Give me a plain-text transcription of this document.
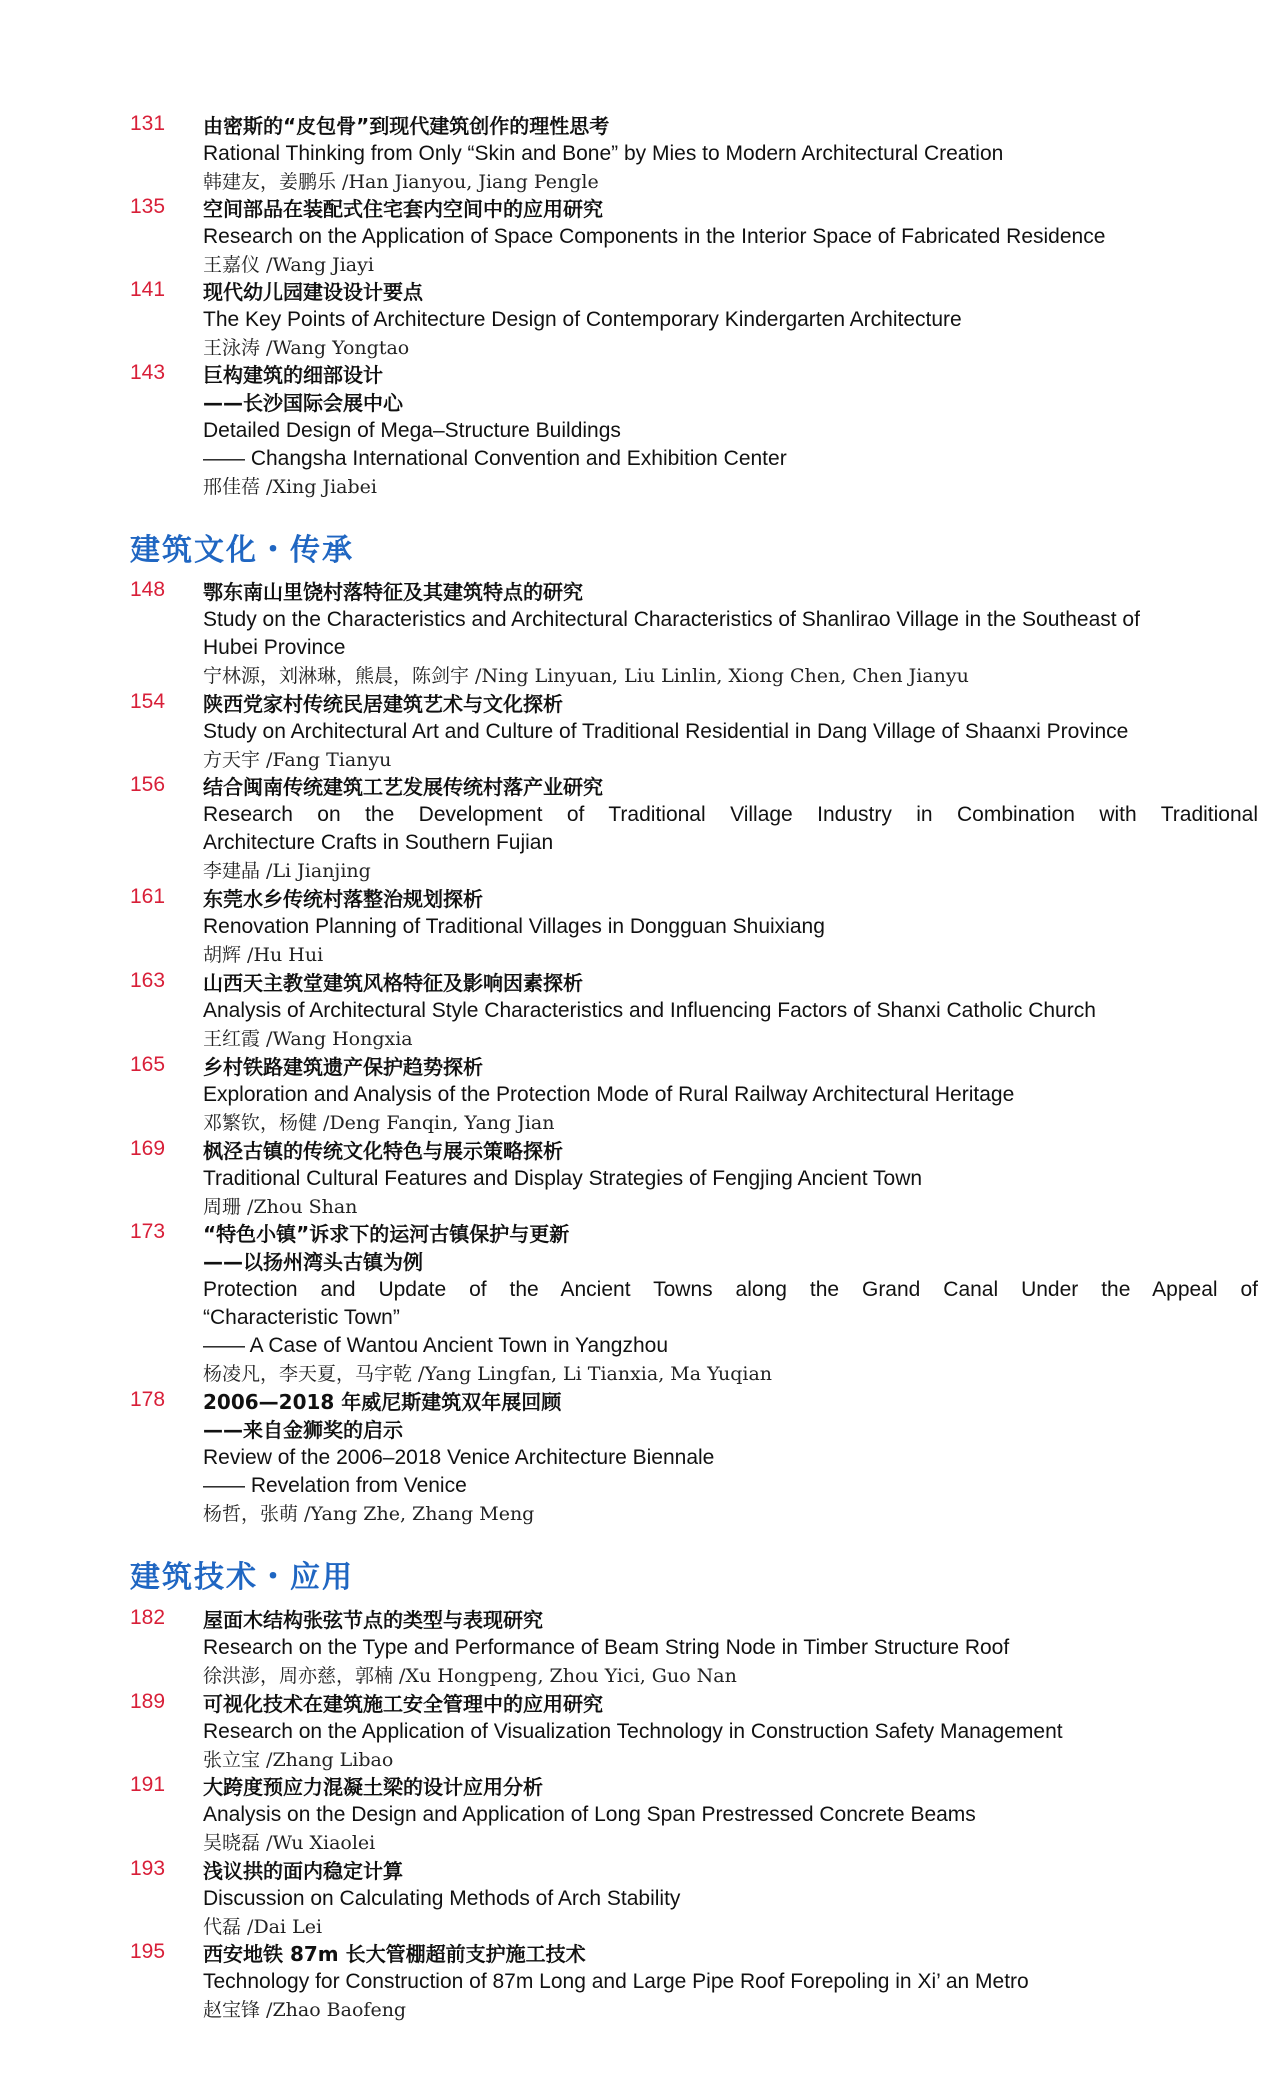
建筑文化・传承
建筑技术・应用
131 由密斯的“皮包骨”到现代建筑创作的理性思考
Rational Thinking from Only “Skin and Bone” by Mies to Modern Architectural Creation
韩建友，姜鹏乐 /Han Jianyou, Jiang Pengle
135 空间部品在装配式住宅套内空间中的应用研究
Research on the Application of Space Components in the Interior Space of Fabricated Residence
王嘉仪 /Wang Jiayi
141 现代幼儿园建设设计要点
The Key Points of Architecture Design of Contemporary Kindergarten Architecture
王泳涛 /Wang Yongtao
143 巨构建筑的细部设计
——长沙国际会展中心
Detailed Design of Mega–Structure Buildings
—— Changsha International Convention and Exhibition Center
邢佳蓓 /Xing Jiabei
148 鄂东南山里饶村落特征及其建筑特点的研究
Study on the Characteristics and Architectural Characteristics of Shanlirao Village in the Southeast of
Hubei Province
宁林源，刘淋琳，熊晨，陈剑宇 /Ning Linyuan, Liu Linlin, Xiong Chen, Chen Jianyu
154 陕西党家村传统民居建筑艺术与文化探析
Study on Architectural Art and Culture of Traditional Residential in Dang Village of Shaanxi Province
方天宇 /Fang Tianyu
156 结合闽南传统建筑工艺发展传统村落产业研究
Research on the Development of Traditional Village Industry in Combination with Traditional
Architecture Crafts in Southern Fujian
李建晶 /Li Jianjing
161 东莞水乡传统村落整治规划探析
Renovation Planning of Traditional Villages in Dongguan Shuixiang
胡辉 /Hu Hui
163 山西天主教堂建筑风格特征及影响因素探析
Analysis of Architectural Style Characteristics and Influencing Factors of Shanxi Catholic Church
王红霞 /Wang Hongxia
165 乡村铁路建筑遗产保护趋势探析
Exploration and Analysis of the Protection Mode of Rural Railway Architectural Heritage
邓繁钦，杨健 /Deng Fanqin, Yang Jian
169 枫泾古镇的传统文化特色与展示策略探析
Traditional Cultural Features and Display Strategies of Fengjing Ancient Town
周珊 /Zhou Shan
173 “特色小镇”诉求下的运河古镇保护与更新
——以扬州湾头古镇为例
Protection and Update of the Ancient Towns along the Grand Canal Under the Appeal of
“Characteristic Town”
—— A Case of Wantou Ancient Town in Yangzhou
杨凌凡，李天夏，马宇乾 /Yang Lingfan, Li Tianxia, Ma Yuqian
178 2006—2018 年威尼斯建筑双年展回顾
——来自金狮奖的启示
Review of the 2006–2018 Venice Architecture Biennale
—— Revelation from Venice
杨哲，张萌 /Yang Zhe, Zhang Meng
182 屋面木结构张弦节点的类型与表现研究
Research on the Type and Performance of Beam String Node in Timber Structure Roof
徐洪澎，周亦慈，郭楠 /Xu Hongpeng, Zhou Yici, Guo Nan
189 可视化技术在建筑施工安全管理中的应用研究
Research on the Application of Visualization Technology in Construction Safety Management
张立宝 /Zhang Libao
191 大跨度预应力混凝土梁的设计应用分析
Analysis on the Design and Application of Long Span Prestressed Concrete Beams
吴晓磊 /Wu Xiaolei
193 浅议拱的面内稳定计算
Discussion on Calculating Methods of Arch Stability
代磊 /Dai Lei
195 西安地铁 87m 长大管棚超前支护施工技术
Technology for Construction of 87m Long and Large Pipe Roof Forepoling in Xi’ an Metro
赵宝锋 /Zhao Baofeng
